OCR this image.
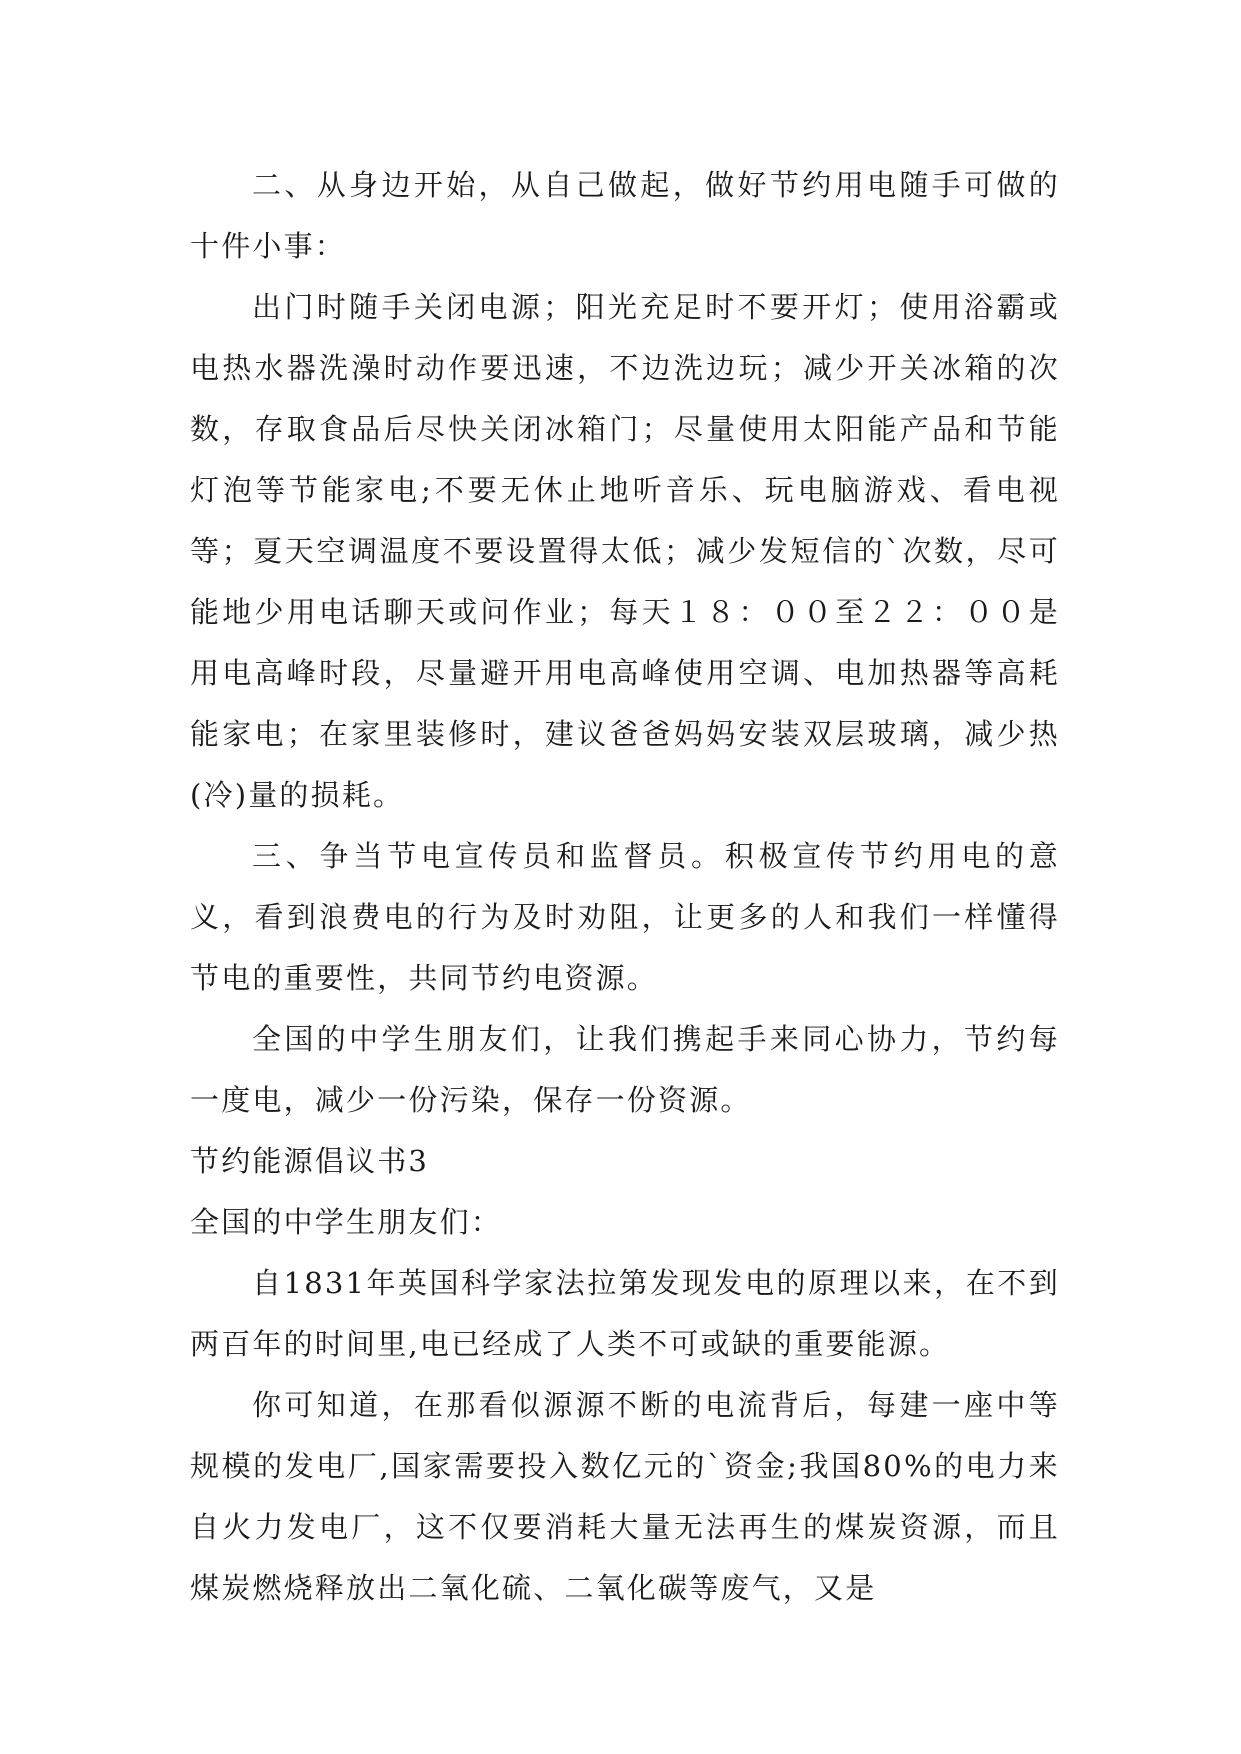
二、从身边开始，从自己做起，做好节约用电随手可做的十件小事：

出门时随手关闭电源；阳光充足时不要开灯；使用浴霸或电热水器洗澡时动作要迅速，不边洗边玩；减少开关冰箱的次数，存取食品后尽快关闭冰箱门；尽量使用太阳能产品和节能灯泡等节能家电;不要无休止地听音乐、玩电脑游戏、看电视等；夏天空调温度不要设置得太低；减少发短信的`次数，尽可能地少用电话聊天或问作业；每天１８：００至２２：００是用电高峰时段，尽量避开用电高峰使用空调、电加热器等高耗能家电；在家里装修时，建议爸爸妈妈安装双层玻璃，减少热(冷)量的损耗。

三、争当节电宣传员和监督员。积极宣传节约用电的意义，看到浪费电的行为及时劝阻，让更多的人和我们一样懂得节电的重要性，共同节约电资源。

全国的中学生朋友们，让我们携起手来同心协力，节约每一度电，减少一份污染，保存一份资源。

节约能源倡议书3

全国的中学生朋友们：

自1831年英国科学家法拉第发现发电的原理以来，在不到两百年的时间里,电已经成了人类不可或缺的重要能源。

你可知道，在那看似源源不断的电流背后，每建一座中等规模的发电厂,国家需要投入数亿元的`资金;我国80%的电力来自火力发电厂，这不仅要消耗大量无法再生的煤炭资源，而且煤炭燃烧释放出二氧化硫、二氧化碳等废气，又是
